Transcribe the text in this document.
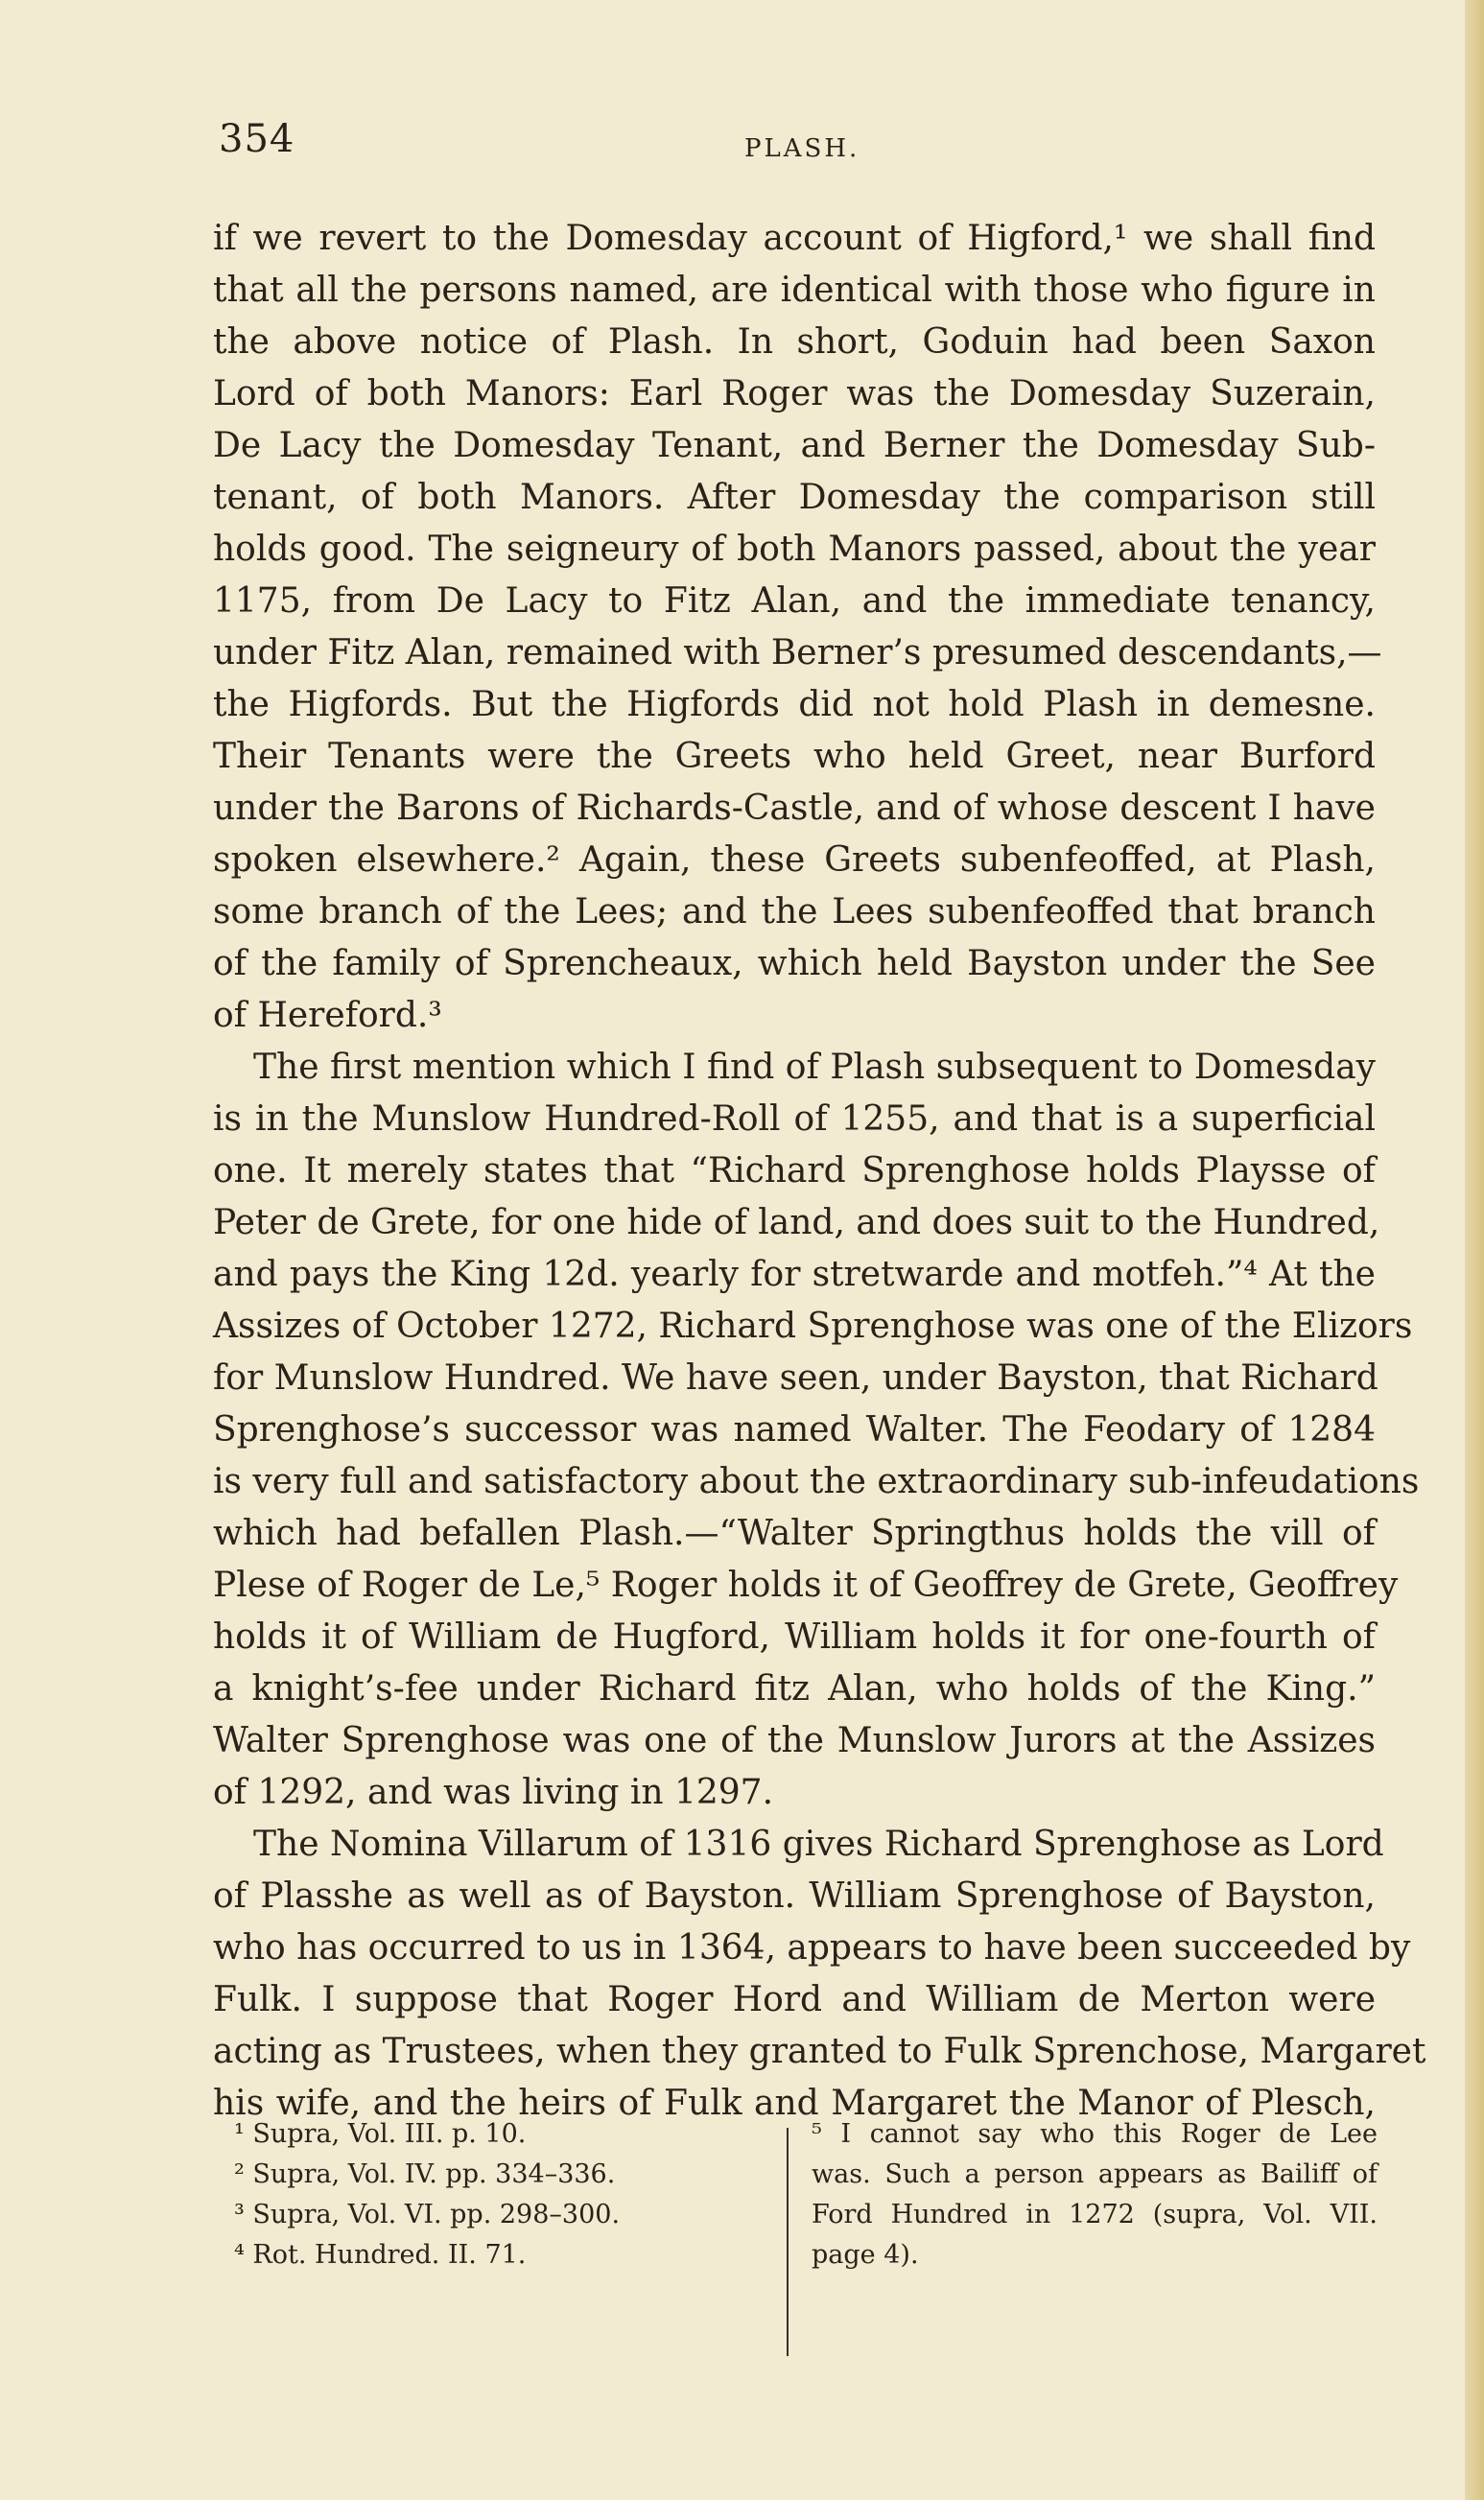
354	PLASH.
if we revert to the Domesday account of Higford,¹ we shall find
that all the persons named, are identical with those who figure in
the above notice of Plash. In short, Goduin had been Saxon
Lord of both Manors: Earl Roger was the Domesday Suzerain,
De Lacy the Domesday Tenant, and Berner the Domesday Sub-
tenant, of both Manors. After Domesday the comparison still
holds good. The seigneury of both Manors passed, about the year
1175, from De Lacy to Fitz Alan, and the immediate tenancy,
under Fitz Alan, remained with Berner’s presumed descendants,—
the Higfords. But the Higfords did not hold Plash in demesne.
Their Tenants were the Greets who held Greet, near Burford
under the Barons of Richards-Castle, and of whose descent I have
spoken elsewhere.² Again, these Greets subenfeoffed, at Plash,
some branch of the Lees; and the Lees subenfeoffed that branch
of the family of Sprencheaux, which held Bayston under the See
of Hereford.³
The first mention which I find of Plash subsequent to Domesday
is in the Munslow Hundred-Roll of 1255, and that is a superficial
one. It merely states that “Richard Sprenghose holds Playsse of
Peter de Grete, for one hide of land, and does suit to the Hundred,
and pays the King 12d. yearly for stretwarde and motfeh.”⁴ At the
Assizes of October 1272, Richard Sprenghose was one of the Elizors
for Munslow Hundred. We have seen, under Bayston, that Richard
Sprenghose’s successor was named Walter. The Feodary of 1284
is very full and satisfactory about the extraordinary sub-infeudations
which had befallen Plash.—“Walter Springthus holds the vill of
Plese of Roger de Le,⁵ Roger holds it of Geoffrey de Grete, Geoffrey
holds it of William de Hugford, William holds it for one-fourth of
a knight’s-fee under Richard fitz Alan, who holds of the King.”
Walter Sprenghose was one of the Munslow Jurors at the Assizes
of 1292, and was living in 1297.
The Nomina Villarum of 1316 gives Richard Sprenghose as Lord
of Plasshe as well as of Bayston. William Sprenghose of Bayston,
who has occurred to us in 1364, appears to have been succeeded by
Fulk. I suppose that Roger Hord and William de Merton were
acting as Trustees, when they granted to Fulk Sprenchose, Margaret
his wife, and the heirs of Fulk and Margaret the Manor of Plesch,
¹ Supra, Vol. III. p. 10.
² Supra, Vol. IV. pp. 334–336.
³ Supra, Vol. VI. pp. 298–300.
⁴ Rot. Hundred. II. 71.
⁵ I cannot say who this Roger de Lee
was. Such a person appears as Bailiff of
Ford Hundred in 1272 (supra, Vol. VII.
page 4).
